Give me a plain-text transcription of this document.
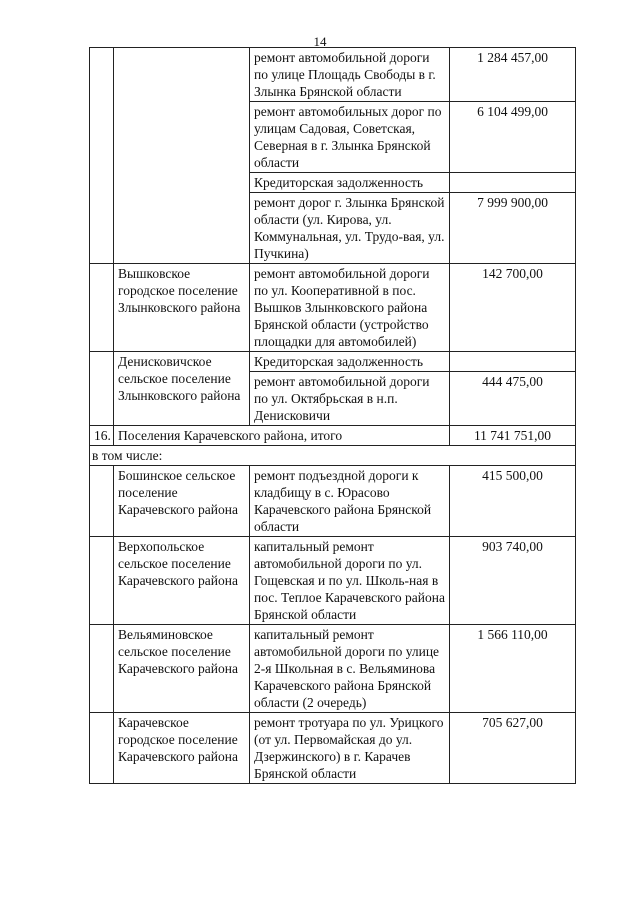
14
		ремонт автомобильной дороги по улице Площадь Свободы в г. Злынка Брянской области	1 284 457,00
		ремонт автомобильных дорог по улицам Садовая, Советская, Северная в г. Злынка Брянской области	6 104 499,00
		Кредиторская задолженность	
		ремонт дорог г. Злынка Брянской области (ул. Кирова, ул. Коммунальная, ул. Трудо-вая, ул. Пучкина)	7 999 900,00
	Вышковское городское поселение Злынковского района	ремонт автомобильной дороги по ул. Кооперативной в пос. Вышков Злынковского района Брянской области (устройство площадки для автомобилей)	142 700,00
	Денисковичское сельское поселение Злынковского района	Кредиторская задолженность	
		ремонт автомобильной дороги по ул. Октябрьская в н.п. Денисковичи	444 475,00
16.	Поселения Карачевского района, итого		11 741 751,00
в том числе:			
	Бошинское сельское поселение Карачевского района	ремонт подъездной дороги к кладбищу в с. Юрасово Карачевского района Брянской области	415 500,00
	Верхопольское сельское поселение Карачевского района	капитальный ремонт автомобильной дороги по ул. Гощевская и по ул. Школь-ная в пос. Теплое Карачевского района Брянской области	903 740,00
	Вельяминовское сельское поселение Карачевского района	капитальный ремонт автомобильной дороги по улице 2-я Школьная в с. Вельяминова Карачевского района Брянской области (2 очередь)	1 566 110,00
	Карачевское городское поселение Карачевского района	ремонт тротуара по ул. Урицкого (от ул. Первомайская до ул. Дзержинского) в г. Карачев Брянской области	705 627,00
